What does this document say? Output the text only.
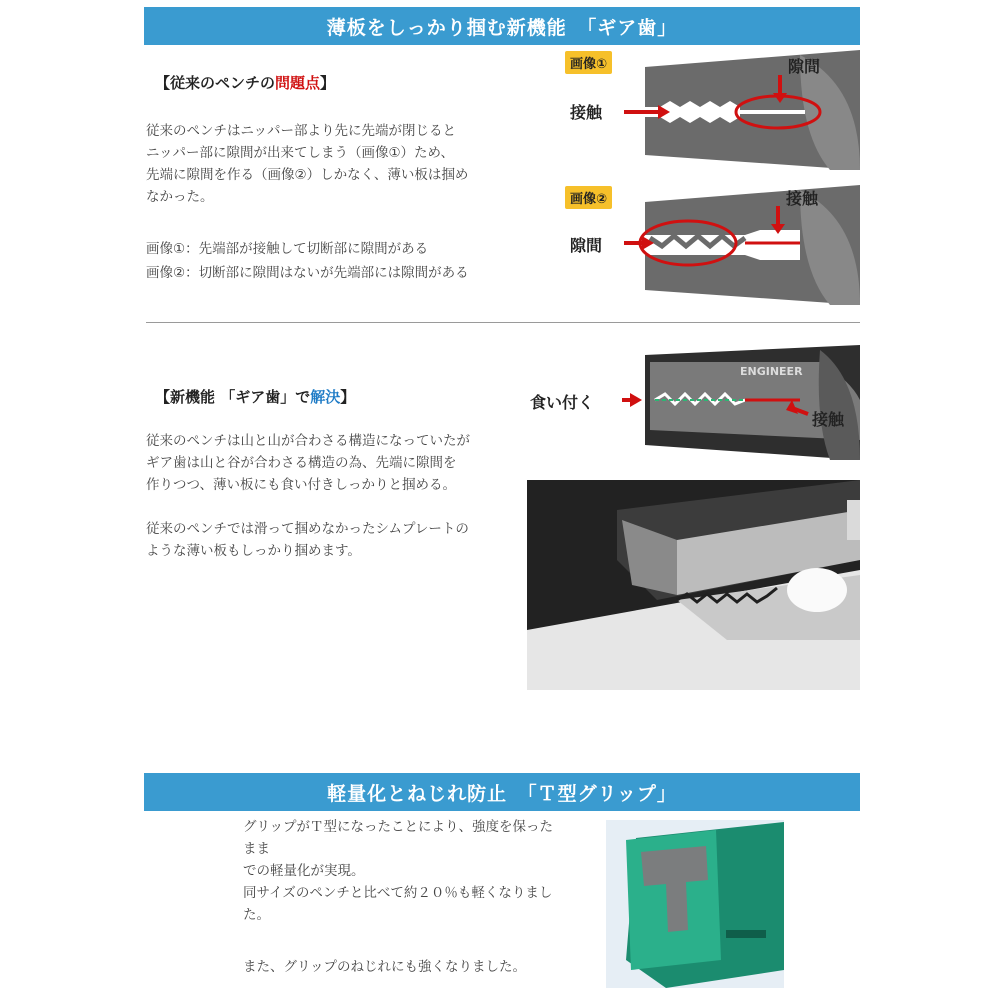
薄板をしっかり掴む新機能　「ギア歯」
【従来のペンチの問題点】
従来のペンチはニッパー部より先に先端が閉じると
ニッパー部に隙間が出来てしまう（画像①）ため、
先端に隙間を作る（画像②）しかなく、薄い板は掴め
なかった。
画像①：先端部が接触して切断部に隙間がある
画像②：切断部に隙間はないが先端部には隙間がある
画像①
接触
隙間
画像②
隙間
接触
【新機能 「ギア歯」で解決】
従来のペンチは山と山が合わさる構造になっていたが
ギア歯は山と谷が合わさる構造の為、先端に隙間を
作りつつ、薄い板にも食い付きしっかりと掴める。
従来のペンチでは滑って掴めなかったシムプレートの
ような薄い板もしっかり掴めます。
ENGINEER
食い付く
接触
軽量化とねじれ防止　「Ｔ型グリップ」
グリップがＴ型になったことにより、強度を保った
まま
での軽量化が実現。
同サイズのペンチと比べて約２０％も軽くなりまし
た。
また、グリップのねじれにも強くなりました。
